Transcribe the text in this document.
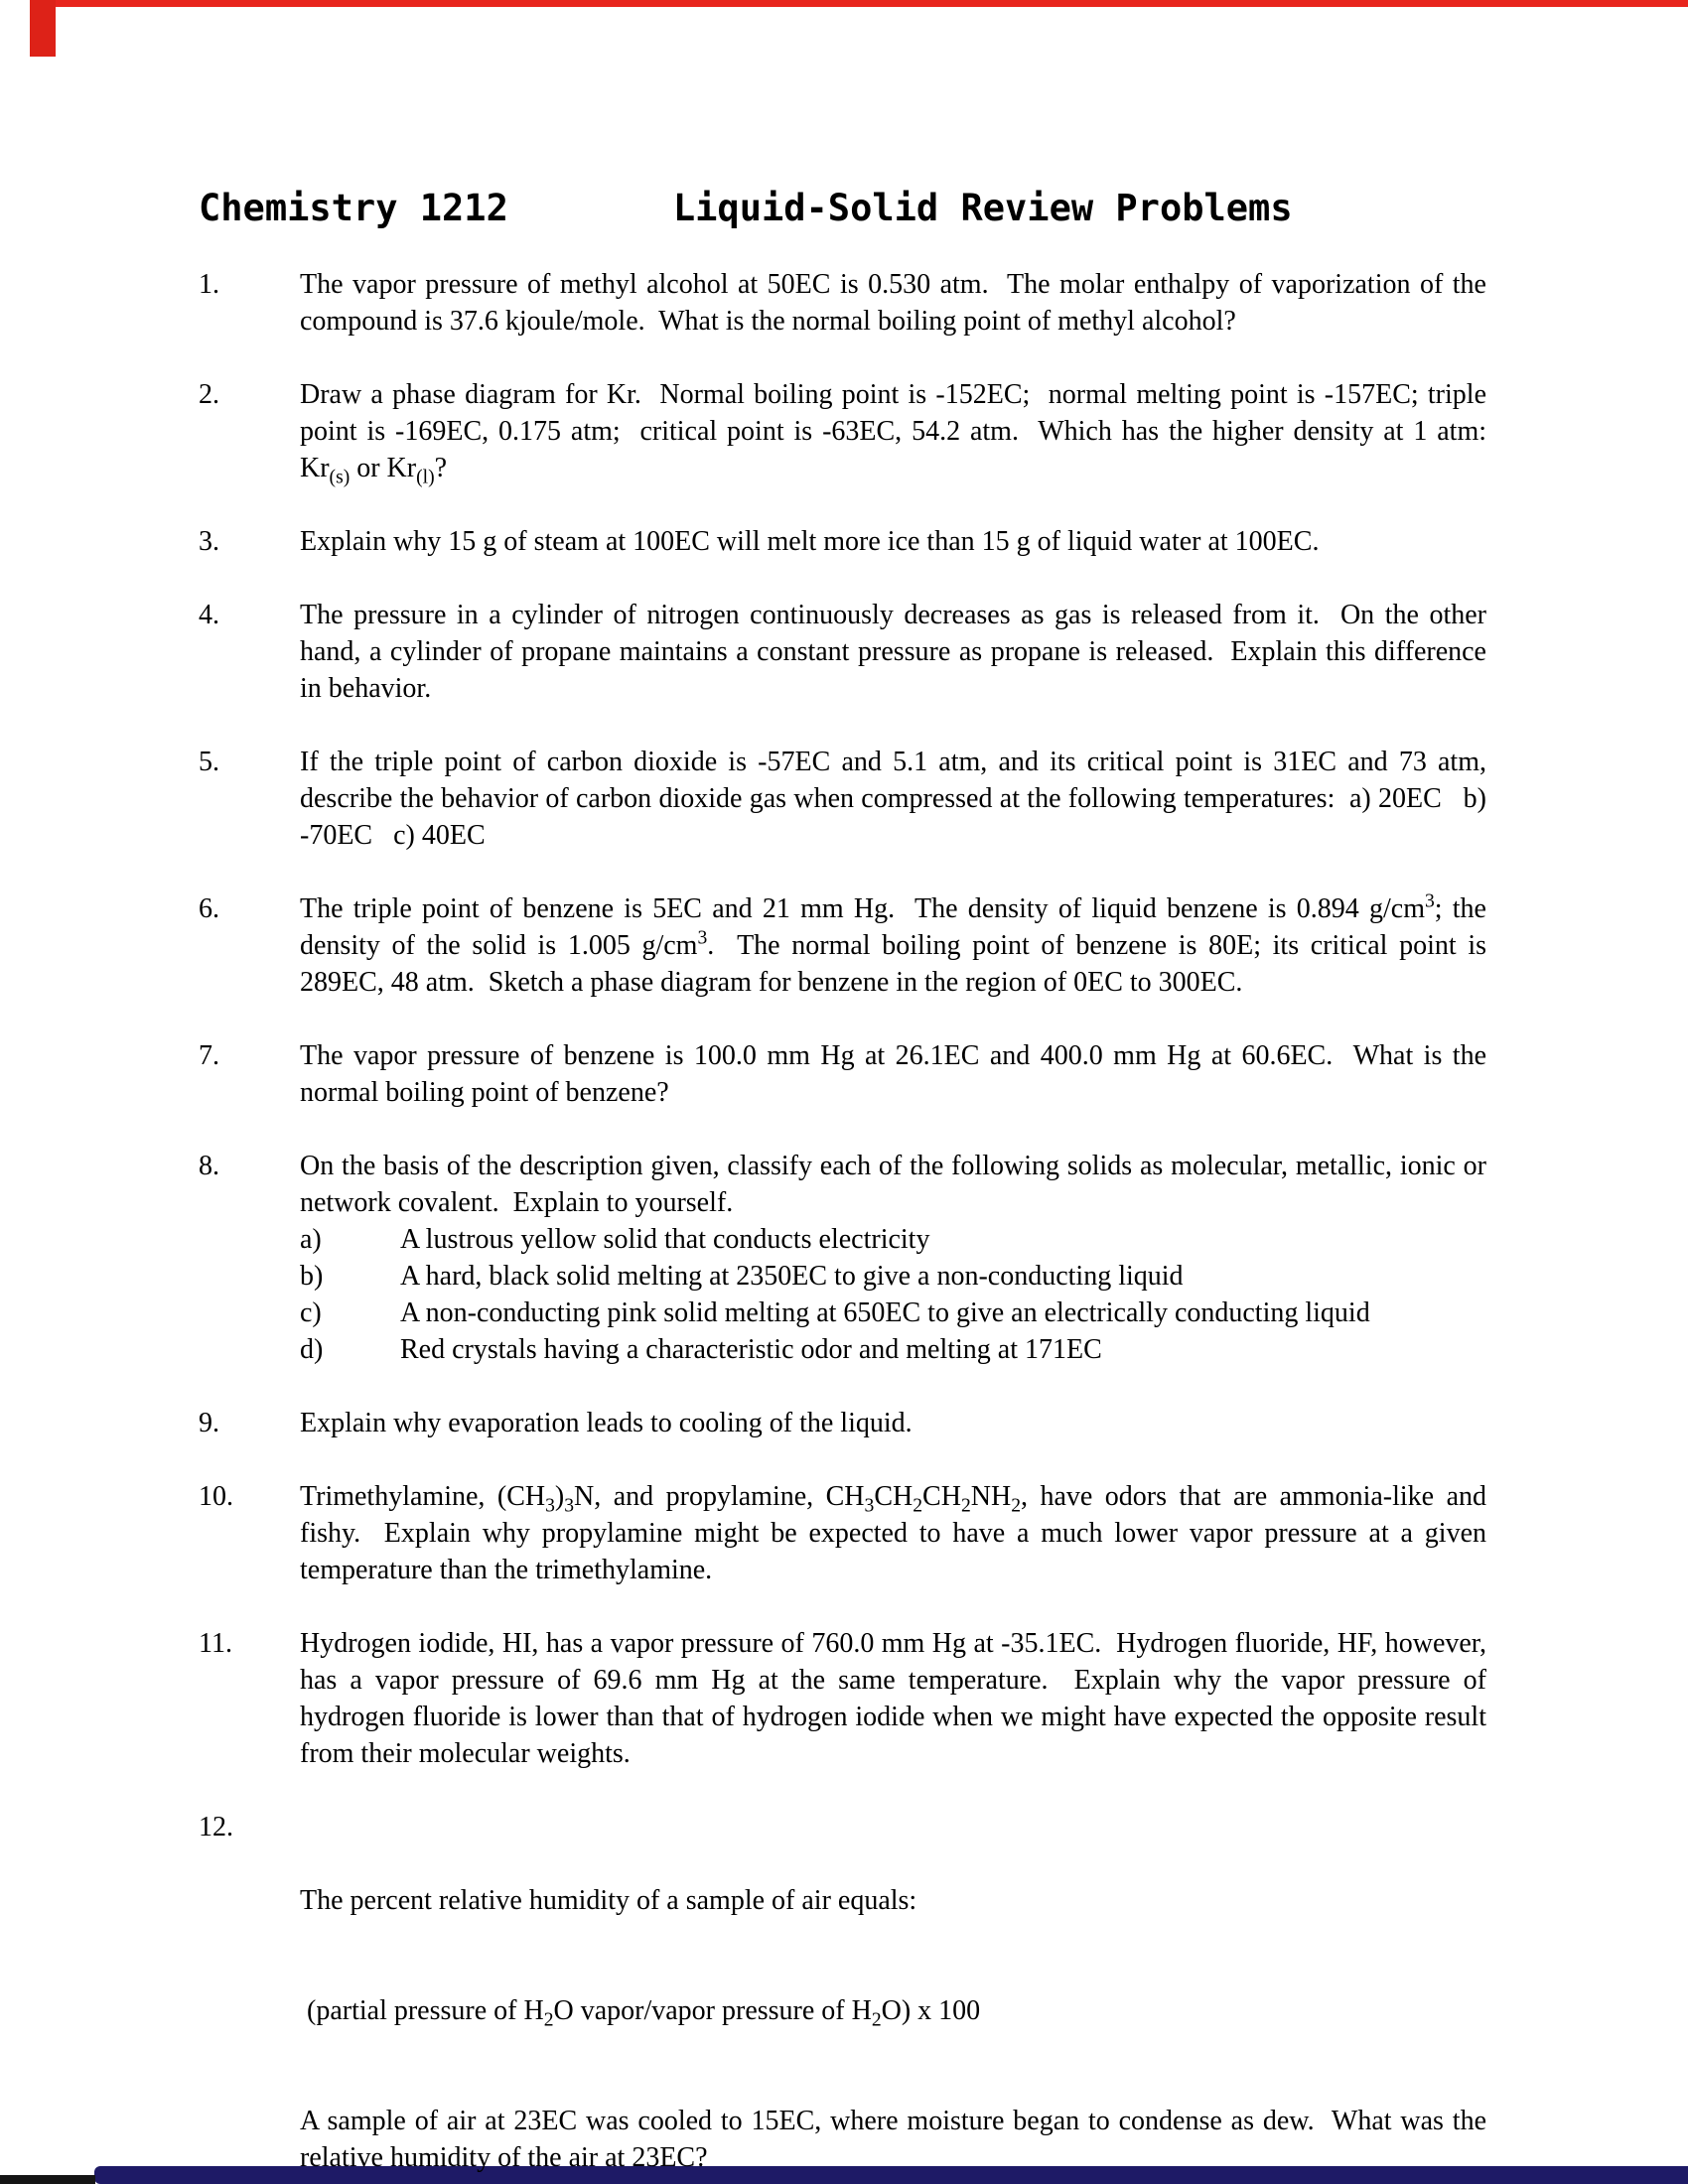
Chemistry 1212	Liquid-Solid Review Problems
1.	The vapor pressure of methyl alcohol at 50EC is 0.530 atm.  The molar enthalpy of vaporization of the compound is 37.6 kjoule/mole.  What is the normal boiling point of methyl alcohol?
2.	Draw a phase diagram for Kr.  Normal boiling point is -152EC;  normal melting point is -157EC; triple point is -169EC, 0.175 atm;  critical point is -63EC, 54.2 atm.  Which has the higher density at 1 atm:  $Kr_{(s)}$ or $Kr_{(l)}$?
3.	Explain why 15 g of steam at 100EC will melt more ice than 15 g of liquid water at 100EC.
4.	The pressure in a cylinder of nitrogen continuously decreases as gas is released from it.  On the other hand, a cylinder of propane maintains a constant pressure as propane is released.  Explain this difference in behavior.
5.	If the triple point of carbon dioxide is -57EC and 5.1 atm, and its critical point is 31EC and 73 atm, describe the behavior of carbon dioxide gas when compressed at the following temperatures:  a) 20EC   b) -70EC   c) 40EC
6.	The triple point of benzene is 5EC and 21 mm Hg.  The density of liquid benzene is 0.894 $g/cm^3$; the density of the solid is 1.005 $g/cm^3$.  The normal boiling point of benzene is 80E; its critical point is 289EC, 48 atm.  Sketch a phase diagram for benzene in the region of 0EC to 300EC.
7.	The vapor pressure of benzene is 100.0 mm Hg at 26.1EC and 400.0 mm Hg at 60.6EC.  What is the normal boiling point of benzene?
8.	On the basis of the description given, classify each of the following solids as molecular, metallic, ionic or network covalent.  Explain to yourself.
a)	A lustrous yellow solid that conducts electricity
b)	A hard, black solid melting at 2350EC to give a non-conducting liquid
c)	A non-conducting pink solid melting at 650EC to give an electrically conducting liquid
d)	Red crystals having a characteristic odor and melting at 171EC
9.	Explain why evaporation leads to cooling of the liquid.
10. Trimethylamine, $(CH_3)_3N$, and propylamine, $CH_3CH_2CH_2NH_2$, have odors that are ammonia-like and fishy.  Explain why propylamine might be expected to have a much lower vapor pressure at a given temperature than the trimethylamine.
11. Hydrogen iodide, HI, has a vapor pressure of 760.0 mm Hg at -35.1EC.  Hydrogen fluoride, HF, however, has a vapor pressure of 69.6 mm Hg at the same temperature.  Explain why the vapor pressure of hydrogen fluoride is lower than that of hydrogen iodide when we might have expected the opposite result from their molecular weights.
12.

The percent relative humidity of a sample of air equals:

(partial pressure of $H_2O$ vapor/vapor pressure of $H_2O$) x 100

A sample of air at 23EC was cooled to 15EC, where moisture began to condense as dew.  What was the relative humidity of the air at 23EC?
